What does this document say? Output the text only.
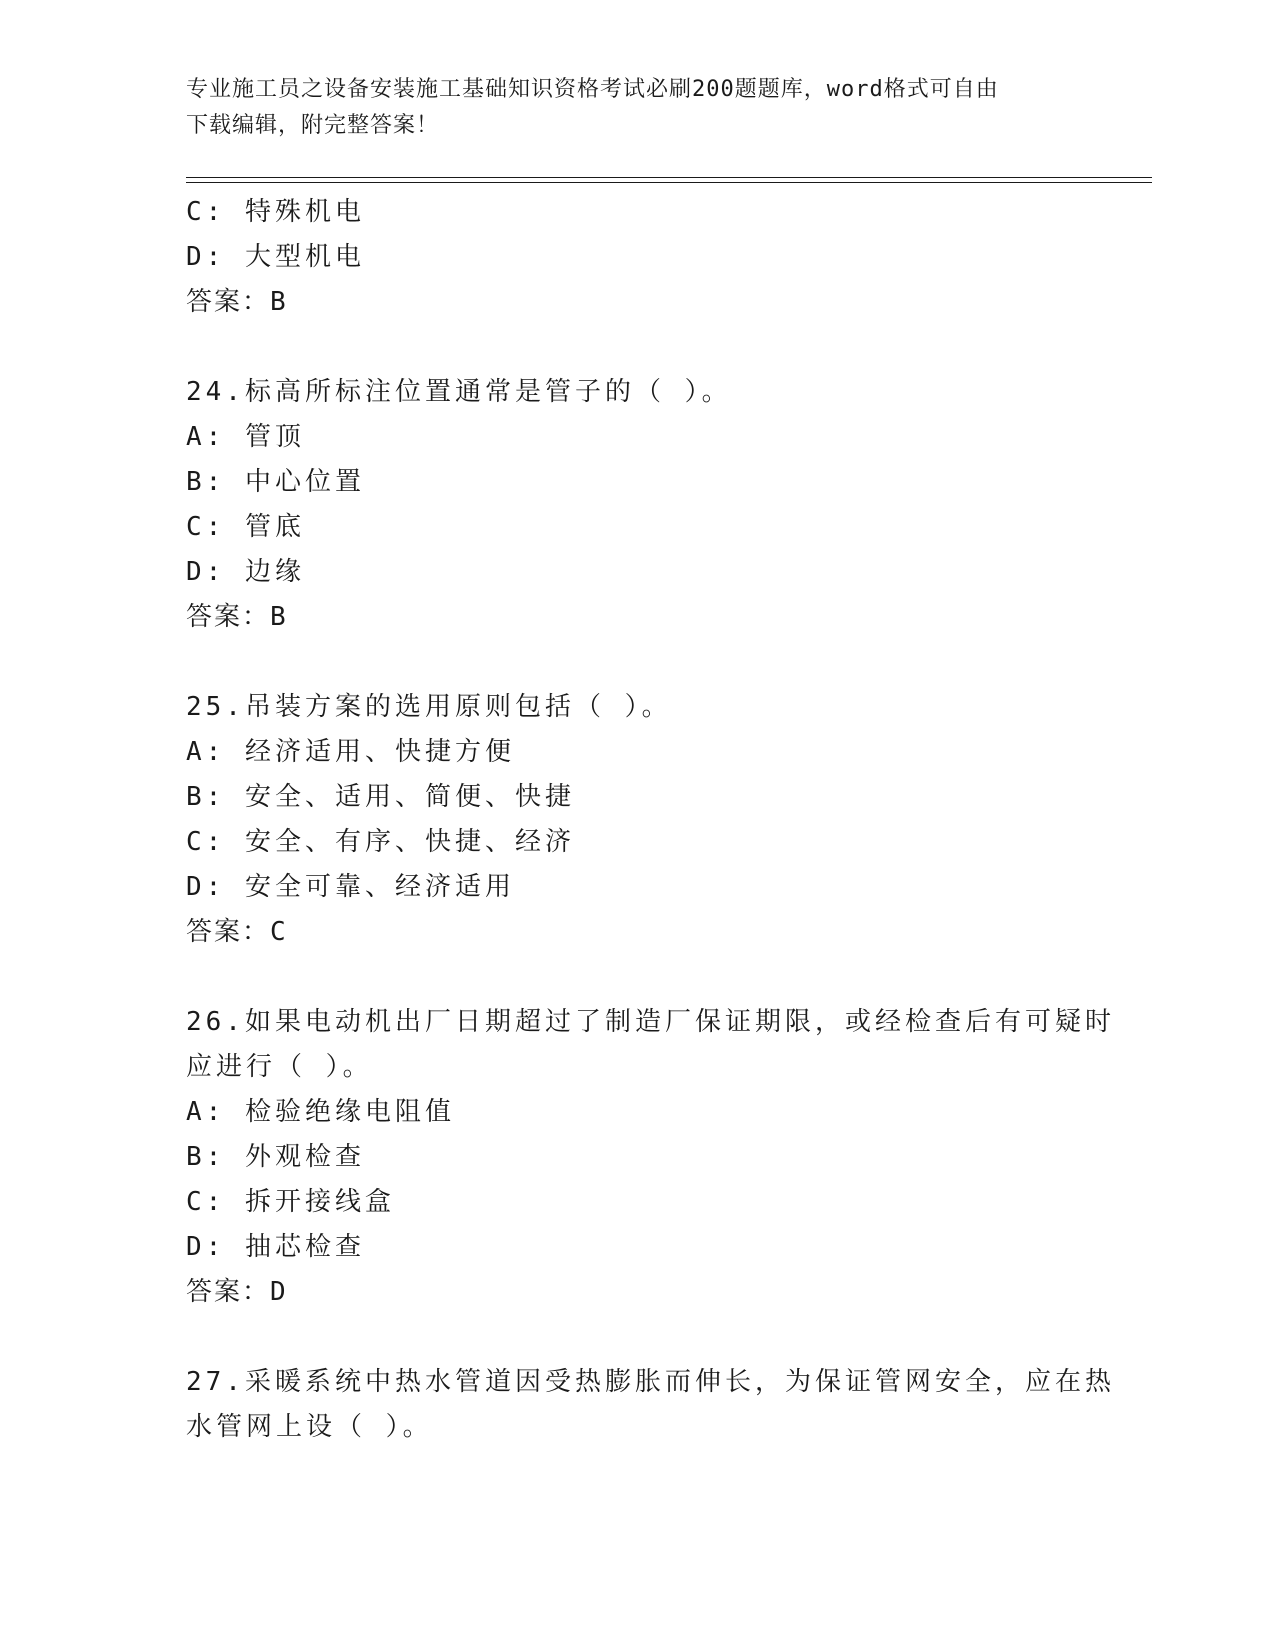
专业施工员之设备安装施工基础知识资格考试必刷200题题库，word格式可自由
下载编辑，附完整答案！
C: 特殊机电
D: 大型机电
答案：B
24.标高所标注位置通常是管子的（ ）。
A: 管顶
B: 中心位置
C: 管底
D: 边缘
答案：B
25.吊装方案的选用原则包括（ ）。
A: 经济适用、快捷方便
B: 安全、适用、简便、快捷
C: 安全、有序、快捷、经济
D: 安全可靠、经济适用
答案：C
26.如果电动机出厂日期超过了制造厂保证期限，或经检查后有可疑时
应进行（ ）。
A: 检验绝缘电阻值
B: 外观检查
C: 拆开接线盒
D: 抽芯检查
答案：D
27.采暖系统中热水管道因受热膨胀而伸长，为保证管网安全，应在热
水管网上设（ ）。
